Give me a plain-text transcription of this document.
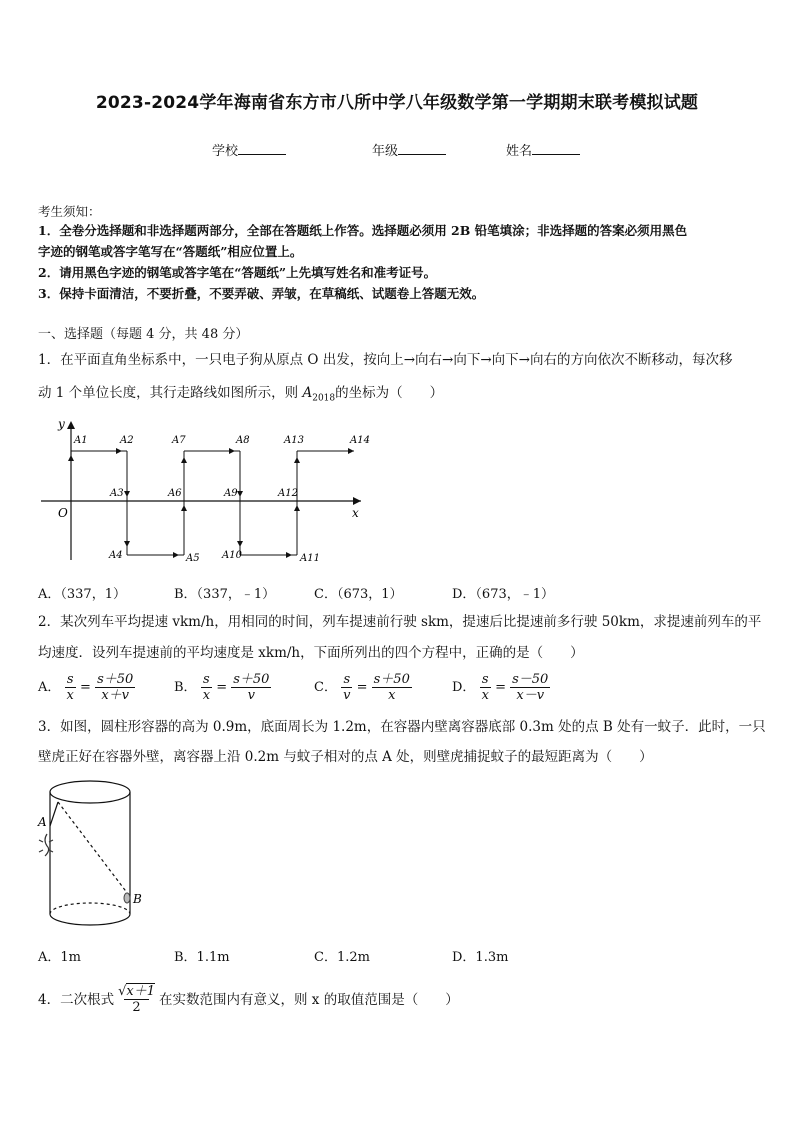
2023-2024学年海南省东方市八所中学八年级数学第一学期期末联考模拟试题
学校	年级	姓名
考生须知：
1．全卷分选择题和非选择题两部分，全部在答题纸上作答。选择题必须用 2B 铅笔填涂；非选择题的答案必须用黑色
字迹的钢笔或答字笔写在“答题纸”相应位置上。
2．请用黑色字迹的钢笔或答字笔在“答题纸”上先填写姓名和准考证号。
3．保持卡面清洁，不要折叠，不要弄破、弄皱，在草稿纸、试题卷上答题无效。
一、选择题（每题 4 分，共 48 分）
1．在平面直角坐标系中，一只电子狗从原点 O 出发，按向上→向右→向下→向下→向右的方向依次不断移动，每次移
动 1 个单位长度，其行走路线如图所示，则 $A_{2018}$的坐标为（　　）
y
x
O
A1	A2	A7	A8	A13	A14
A3	A6	A9	A12
A4	A5 A10	A11
A．（337，1）	B．（337，﹣1）	C．（673，1）	D．（673，﹣1）
2．某次列车平均提速 vkm/h，用相同的时间，列车提速前行驶 skm，提速后比提速前多行驶 50km，求提速前列车的平
均速度．设列车提速前的平均速度是 xkm/h，下面所列出的四个方程中，正确的是（　　）
A． $\frac{s}{x} = \frac{s+50}{x+v}$	B． $\frac{s}{x} = \frac{s+50}{v}$	C． $\frac{s}{v} = \frac{s+50}{x}$	D． $\frac{s}{x} = \frac{s-50}{x-v}$
3．如图，圆柱形容器的高为 0.9m，底面周长为 1.2m，在容器内壁离容器底部 0.3m 处的点 B 处有一蚊子．此时，一只
壁虎正好在容器外壁，离容器上沿 0.2m 与蚊子相对的点 A 处，则壁虎捕捉蚊子的最短距离为（　　）
A
B
A．1m	B．1.1m	C．1.2m	D．1.3m
4．二次根式 $\frac{√x+1}{2}$ 在实数范围内有意义，则 x 的取值范围是（　　）
